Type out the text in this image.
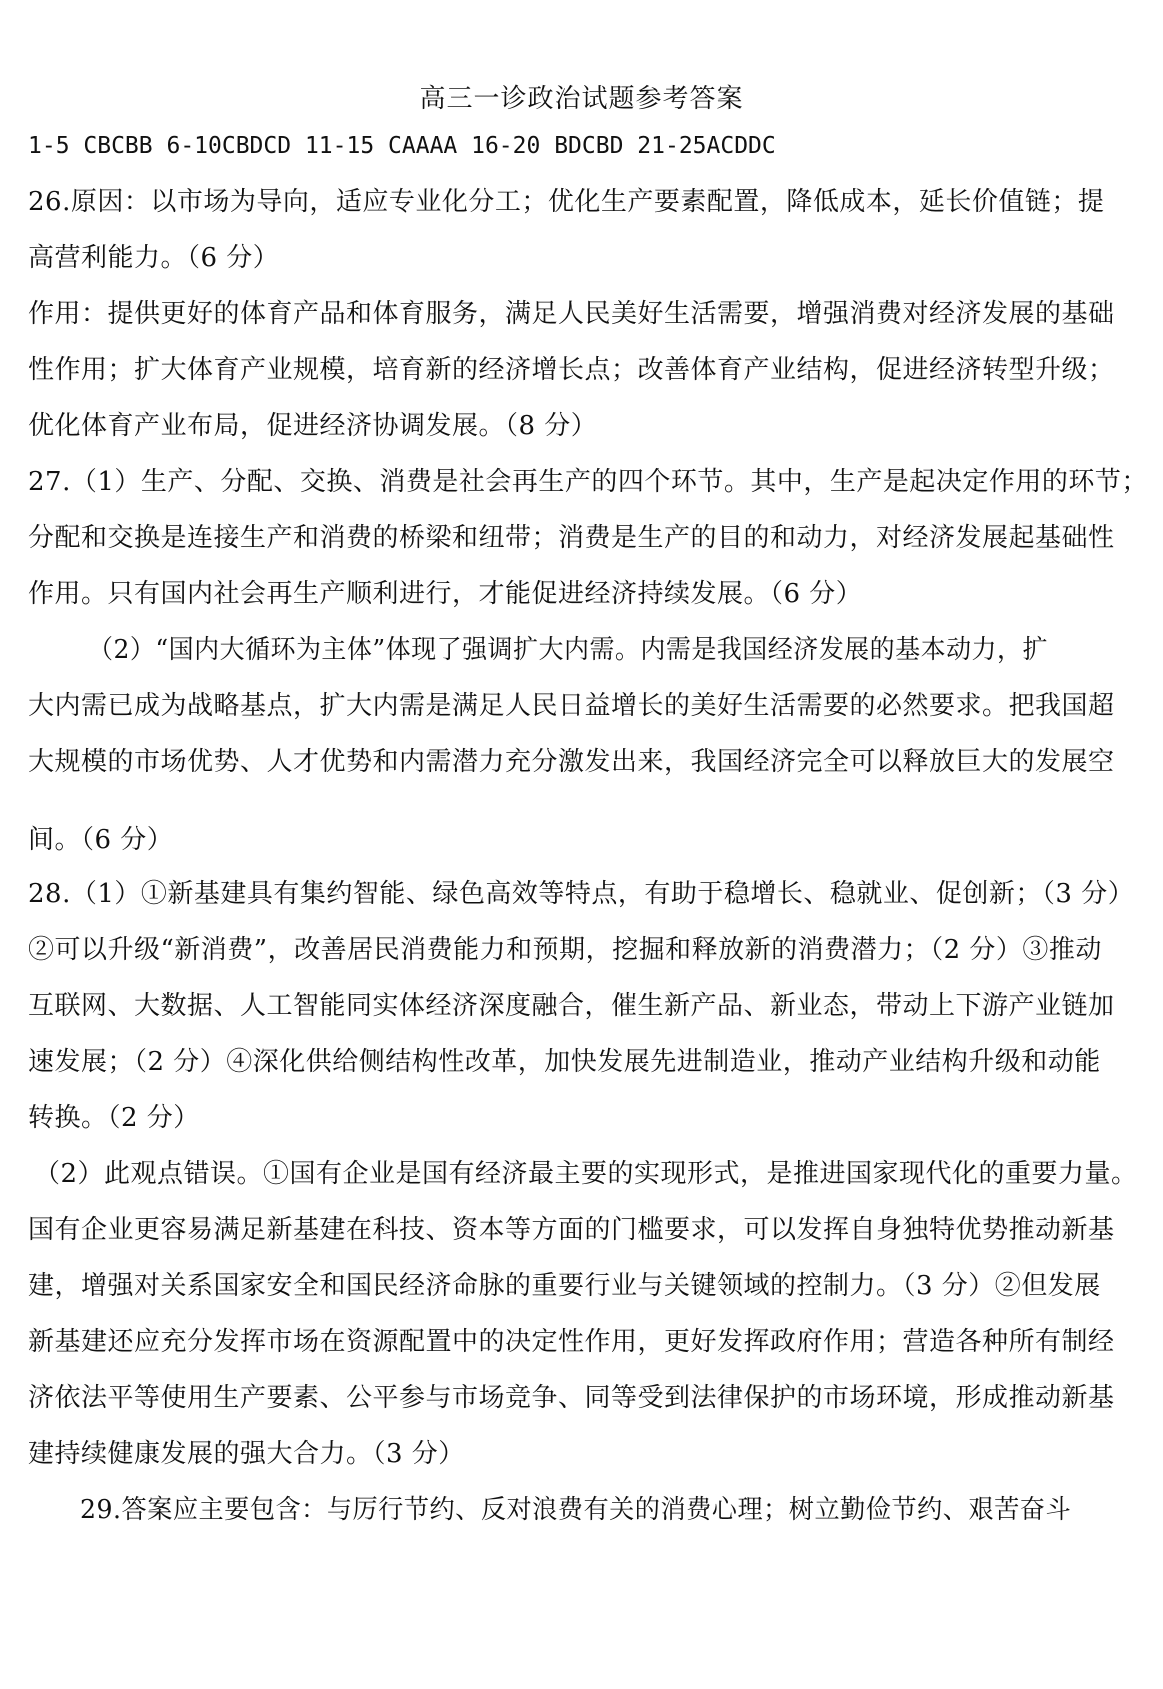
高三一诊政治试题参考答案
1-5 CBCBB 6-10CBDCD 11-15 CAAAA 16-20 BDCBD 21-25ACDDC
26.原因：以市场为导向，适应专业化分工；优化生产要素配置，降低成本，延长价值链；提
高营利能力。（6 分）
作用：提供更好的体育产品和体育服务，满足人民美好生活需要，增强消费对经济发展的基础
性作用；扩大体育产业规模，培育新的经济增长点；改善体育产业结构，促进经济转型升级；
优化体育产业布局，促进经济协调发展。（8 分）
27.（1）生产、分配、交换、消费是社会再生产的四个环节。其中，生产是起决定作用的环节；
分配和交换是连接生产和消费的桥梁和纽带；消费是生产的目的和动力，对经济发展起基础性
作用。只有国内社会再生产顺利进行，才能促进经济持续发展。（6 分）
（2）“国内大循环为主体”体现了强调扩大内需。内需是我国经济发展的基本动力，扩
大内需已成为战略基点，扩大内需是满足人民日益增长的美好生活需要的必然要求。把我国超
大规模的市场优势、人才优势和内需潜力充分激发出来，我国经济完全可以释放巨大的发展空
间。（6 分）
28.（1）①新基建具有集约智能、绿色高效等特点，有助于稳增长、稳就业、促创新；（3 分）
②可以升级“新消费”，改善居民消费能力和预期，挖掘和释放新的消费潜力；（2 分）③推动
互联网、大数据、人工智能同实体经济深度融合，催生新产品、新业态，带动上下游产业链加
速发展；（2 分）④深化供给侧结构性改革，加快发展先进制造业，推动产业结构升级和动能
转换。（2 分）
（2）此观点错误。①国有企业是国有经济最主要的实现形式，是推进国家现代化的重要力量。
国有企业更容易满足新基建在科技、资本等方面的门槛要求，可以发挥自身独特优势推动新基
建，增强对关系国家安全和国民经济命脉的重要行业与关键领域的控制力。（3 分）②但发展
新基建还应充分发挥市场在资源配置中的决定性作用，更好发挥政府作用；营造各种所有制经
济依法平等使用生产要素、公平参与市场竞争、同等受到法律保护的市场环境，形成推动新基
建持续健康发展的强大合力。（3 分）
29.答案应主要包含：与厉行节约、反对浪费有关的消费心理；树立勤俭节约、艰苦奋斗
